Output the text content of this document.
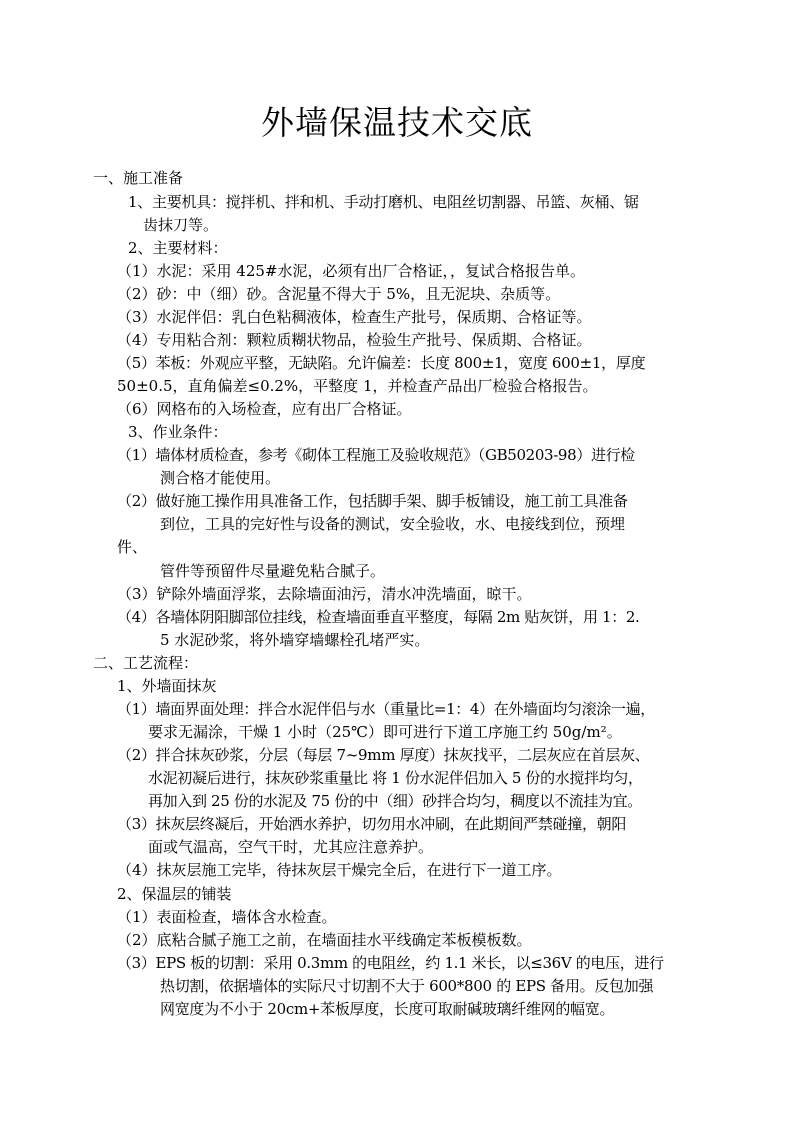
外墙保温技术交底
一、施工准备
1、主要机具：搅拌机、拌和机、手动打磨机、电阻丝切割器、吊篮、灰桶、锯
齿抹刀等。
2、主要材料：
（1）水泥：采用 425#水泥，必须有出厂合格证，，复试合格报告单。
（2）砂：中（细）砂。含泥量不得大于 5%，且无泥块、杂质等。
（3）水泥伴侣：乳白色粘稠液体，检查生产批号，保质期、合格证等。
（4）专用粘合剂：颗粒质糊状物品，检验生产批号、保质期、合格证。
（5）苯板：外观应平整，无缺陷。允许偏差：长度 800±1，宽度 600±1，厚度
50±0.5，直角偏差≤0.2%，平整度 1，并检查产品出厂检验合格报告。
（6）网格布的入场检查，应有出厂合格证。
3、作业条件：
（1）墙体材质检查，参考《砌体工程施工及验收规范》（GB50203-98）进行检
测合格才能使用。
（2）做好施工操作用具准备工作，包括脚手架、脚手板铺设，施工前工具准备
到位，工具的完好性与设备的测试，安全验收，水、电接线到位，预埋
件、
管件等预留件尽量避免粘合腻子。
（3）铲除外墙面浮浆，去除墙面油污，清水冲洗墙面，晾干。
（4）各墙体阴阳脚部位挂线，检查墙面垂直平整度，每隔 2m 贴灰饼，用 1：2.
5 水泥砂浆，将外墙穿墙螺栓孔堵严实。
二、工艺流程：
1、外墙面抹灰
（1）墙面界面处理：拌合水泥伴侣与水（重量比=1：4）在外墙面均匀滚涂一遍，
要求无漏涂，干燥 1 小时（25℃）即可进行下道工序施工约 50g/m²。
（2）拌合抹灰砂浆，分层（每层 7~9mm 厚度）抹灰找平，二层灰应在首层灰、
水泥初凝后进行，抹灰砂浆重量比 将 1 份水泥伴侣加入 5 份的水搅拌均匀，
再加入到 25 份的水泥及 75 份的中（细）砂拌合均匀，稠度以不流挂为宜。
（3）抹灰层终凝后，开始洒水养护，切勿用水冲刷，在此期间严禁碰撞，朝阳
面或气温高，空气干时，尤其应注意养护。
（4）抹灰层施工完毕，待抹灰层干燥完全后，在进行下一道工序。
2、保温层的铺装
（1）表面检查，墙体含水检查。
（2）底粘合腻子施工之前，在墙面挂水平线确定苯板模板数。
（3）EPS 板的切割：采用 0.3mm 的电阻丝，约 1.1 米长，以≤36V 的电压，进行
热切割，依据墙体的实际尺寸切割不大于 600*800 的 EPS 备用。反包加强
网宽度为不小于 20cm+苯板厚度，长度可取耐碱玻璃纤维网的幅宽。
